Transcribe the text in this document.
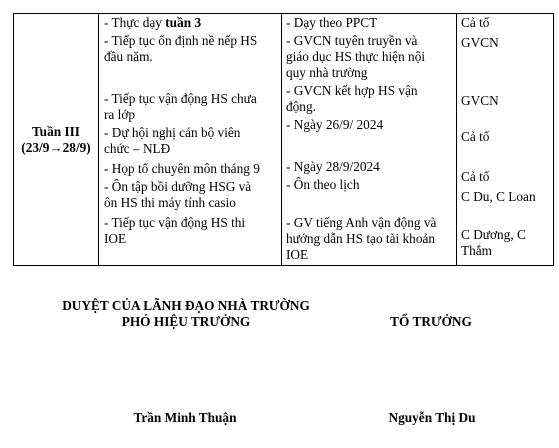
Tuần III
(23/9→28/9)
- Thực dạy tuần 3
- Tiếp tục ổn định nề nếp HS
đầu năm.
- Tiếp tục vận động HS chưa
ra lớp
- Dự hội nghị cán bộ viên
chức – NLĐ
- Họp tổ chuyên môn tháng 9
- Ôn tập bồi dưỡng HSG và
ôn HS thi máy tính casio
- Tiếp tục vận động HS thi
IOE
- Dạy theo PPCT
- GVCN tuyên truyền và
giáo dục HS thực hiện nội
quy nhà trường
- GVCN kết hợp HS vận
động.
- Ngày 26/9/ 2024
- Ngày 28/9/2024
- Ôn theo lịch
- GV tiếng Anh vận động và
hướng dẫn HS tạo tài khoản
IOE
Cả tổ
GVCN
GVCN
Cả tổ
Cả tổ
C Du, C Loan
C Dương, C
Thắm
DUYỆT CỦA LÃNH ĐẠO NHÀ TRƯỜNG
PHÓ HIỆU TRƯỞNG	TỔ TRƯỞNG
Trần Minh Thuận	Nguyễn Thị Du
